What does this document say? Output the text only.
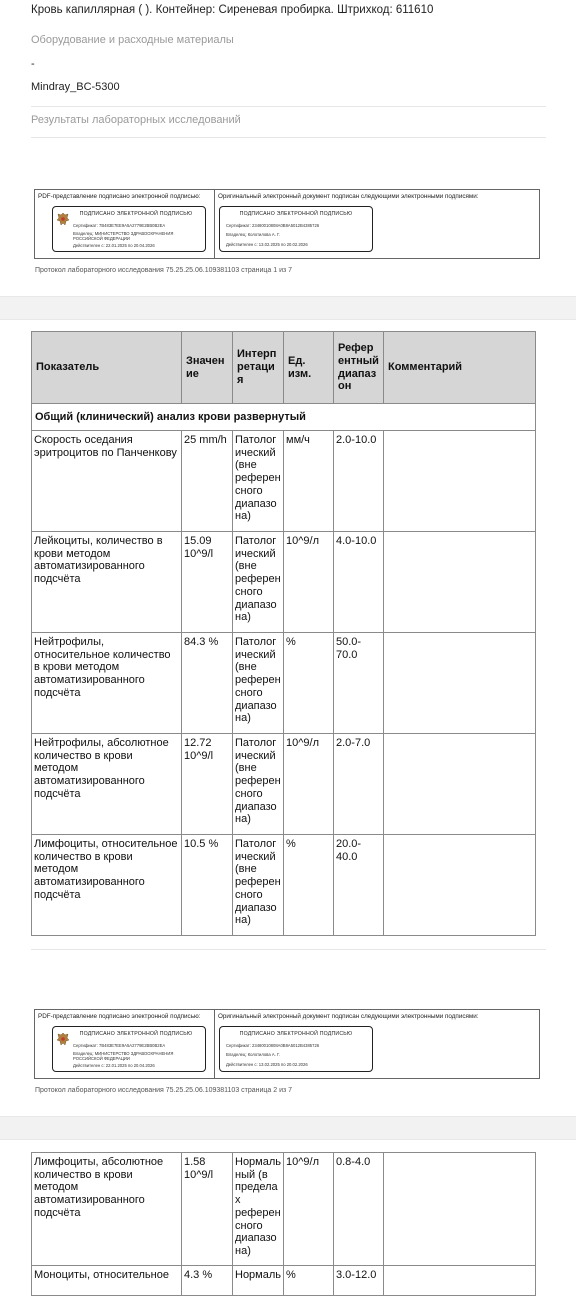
Кровь капиллярная ( ). Контейнер: Сиреневая пробирка. Штрихкод: 611610
Оборудование и расходные материалы
-
Mindray_BC-5300
Результаты лабораторных исследований
PDF-представление подписано электронной подписью:
ПОДПИСАНО ЭЛЕКТРОННОЙ ПОДПИСЬЮ
Сертификат: 7B483E7EE9A5A2779E2BB0B2EA
Владелец: МИНИСТЕРСТВО ЗДРАВООХРАНЕНИЯ РОССИЙСКОЙ ФЕДЕРАЦИИ
Действителен с: 22.01.2025 по 20.04.2026
Оригинальный электронный документ подписан следующими электронными подписями:
ПОДПИСАНО ЭЛЕКТРОННОЙ ПОДПИСЬЮ
Сертификат: 23460010808A0B8A5012B4385726
Владелец: Колотилова А. Г.
Действителен с: 13.02.2025 по 20.02.2026
Протокол лабораторного исследования 75.25.25.06.109381103 страница 1 из 7
Показатель	Значение	Интерпретация	Ед. изм.	Референтный диапазон	Комментарий
Общий (клинический) анализ крови развернутый					
Скорость оседания эритроцитов по Панченкову	25 mm/h	Патологический (вне референсного диапазона)	мм/ч	2.0-10.0	
Лейкоциты, количество в крови методом автоматизированного подсчёта	15.09 10^9/l	Патологический (вне референсного диапазона)	10^9/л	4.0-10.0	
Нейтрофилы, относительное количество в крови методом автоматизированного подсчёта	84.3 %	Патологический (вне референсного диапазона)	%	50.0-70.0	
Нейтрофилы, абсолютное количество в крови методом автоматизированного подсчёта	12.72 10^9/l	Патологический (вне референсного диапазона)	10^9/л	2.0-7.0	
Лимфоциты, относительное количество в крови методом автоматизированного подсчёта	10.5 %	Патологический (вне референсного диапазона)	%	20.0-40.0	
PDF-представление подписано электронной подписью:
ПОДПИСАНО ЭЛЕКТРОННОЙ ПОДПИСЬЮ
Сертификат: 7B483E7EE9A5A2779E2BB0B2EA
Владелец: МИНИСТЕРСТВО ЗДРАВООХРАНЕНИЯ РОССИЙСКОЙ ФЕДЕРАЦИИ
Действителен с: 22.01.2025 по 20.04.2026
Оригинальный электронный документ подписан следующими электронными подписями:
ПОДПИСАНО ЭЛЕКТРОННОЙ ПОДПИСЬЮ
Сертификат: 23460010808A0B8A5012B4385726
Владелец: Колотилова А. Г.
Действителен с: 13.02.2025 по 20.02.2026
Протокол лабораторного исследования 75.25.25.06.109381103 страница 2 из 7
Лимфоциты, абсолютное количество в крови методом автоматизированного подсчёта	1.58 10^9/l	Нормальный (в пределах референсного диапазона)	10^9/л	0.8-4.0	
Моноциты, относительное	4.3 %	Нормаль	%	3.0-12.0	
